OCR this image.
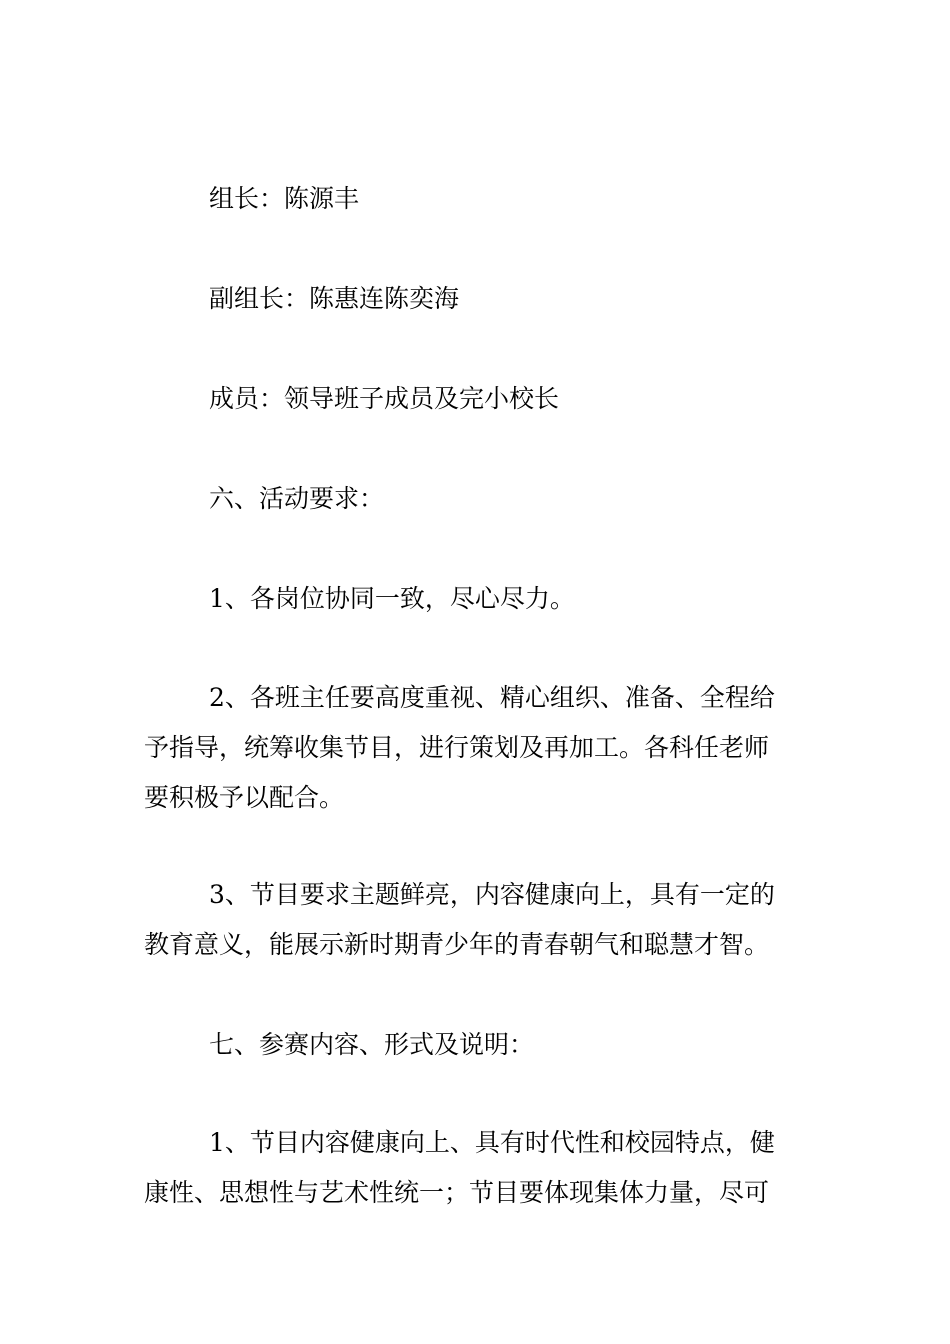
组长：陈源丰

副组长：陈惠连陈奕海

成员：领导班子成员及完小校长

六、活动要求：

1、各岗位协同一致，尽心尽力。

2、各班主任要高度重视、精心组织、准备、全程给

予指导，统筹收集节目，进行策划及再加工。各科任老师

要积极予以配合。

3、节目要求主题鲜亮，内容健康向上，具有一定的

教育意义，能展示新时期青少年的青春朝气和聪慧才智。

七、参赛内容、形式及说明：

1、节目内容健康向上、具有时代性和校园特点，健

康性、思想性与艺术性统一；节目要体现集体力量，尽可
